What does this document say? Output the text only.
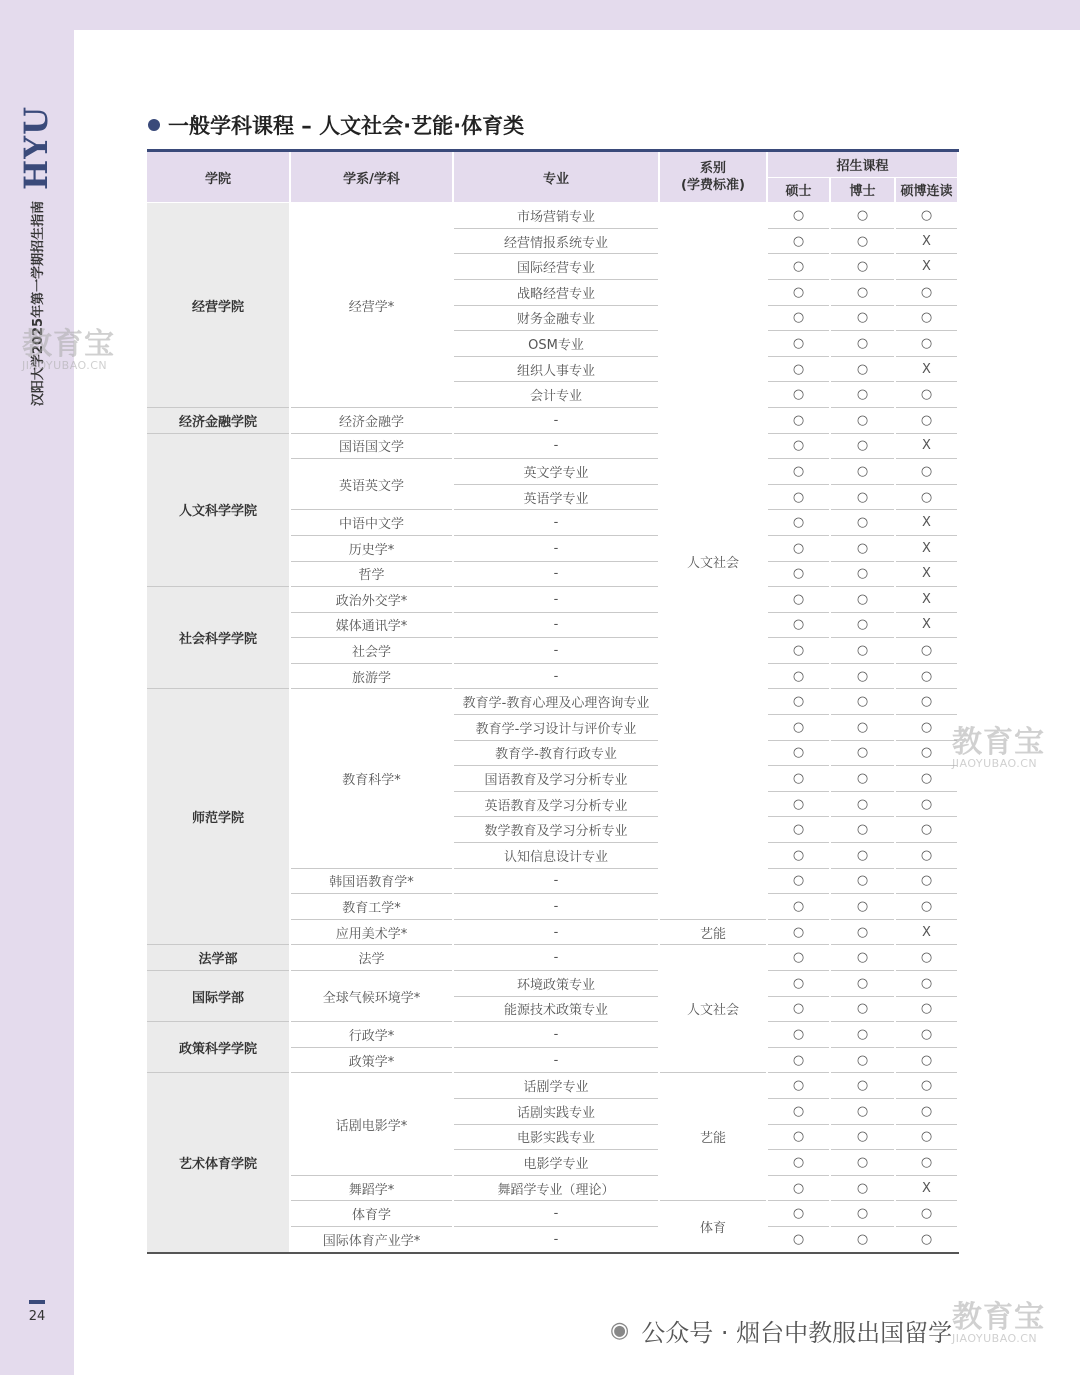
HYU
汉阳大学2025年第一学期招生指南
24
一般学科课程 – 人文社会·艺能·体育类
学院	学系/学科	专业	系别
(学费标准)	招生课程		
				硕士	博士	硕博连读
经营学院	经营学*	市场营销专业	人文社会	○	○	○
		经营情报系统专业		○	○	X
		国际经营专业		○	○	X
		战略经营专业		○	○	○
		财务金融专业		○	○	○
		OSM专业		○	○	○
		组织人事专业		○	○	X
		会计专业		○	○	○
经济金融学院	经济金融学	-		○	○	○
人文科学学院	国语国文学	-		○	○	X
	英语英文学	英文学专业		○	○	○
		英语学专业		○	○	○
	中语中文学	-		○	○	X
	历史学*	-		○	○	X
	哲学	-		○	○	X
社会科学学院	政治外交学*	-		○	○	X
	媒体通讯学*	-		○	○	X
	社会学	-		○	○	○
	旅游学	-		○	○	○
师范学院	教育科学*	教育学-教育心理及心理咨询专业		○	○	○
		教育学-学习设计与评价专业		○	○	○
		教育学-教育行政专业		○	○	○
		国语教育及学习分析专业		○	○	○
		英语教育及学习分析专业		○	○	○
		数学教育及学习分析专业		○	○	○
		认知信息设计专业		○	○	○
	韩国语教育学*	-		○	○	○
	教育工学*	-		○	○	○
	应用美术学*	-	艺能	○	○	X
法学部	法学	-	人文社会	○	○	○
国际学部	全球气候环境学*	环境政策专业		○	○	○
		能源技术政策专业		○	○	○
政策科学学院	行政学*	-		○	○	○
	政策学*	-		○	○	○
艺术体育学院	话剧电影学*	话剧学专业	艺能	○	○	○
		话剧实践专业		○	○	○
		电影实践专业		○	○	○
		电影学专业		○	○	○
	舞蹈学*	舞蹈学专业（理论）		○	○	X
	体育学	-	体育	○	○	○
	国际体育产业学*	-		○	○	○
教育宝
JIAOYUBAO.CN
教育宝
JIAOYUBAO.CN
教育宝
JIAOYUBAO.CN
◉ 公众号 · 烟台中教服出国留学
